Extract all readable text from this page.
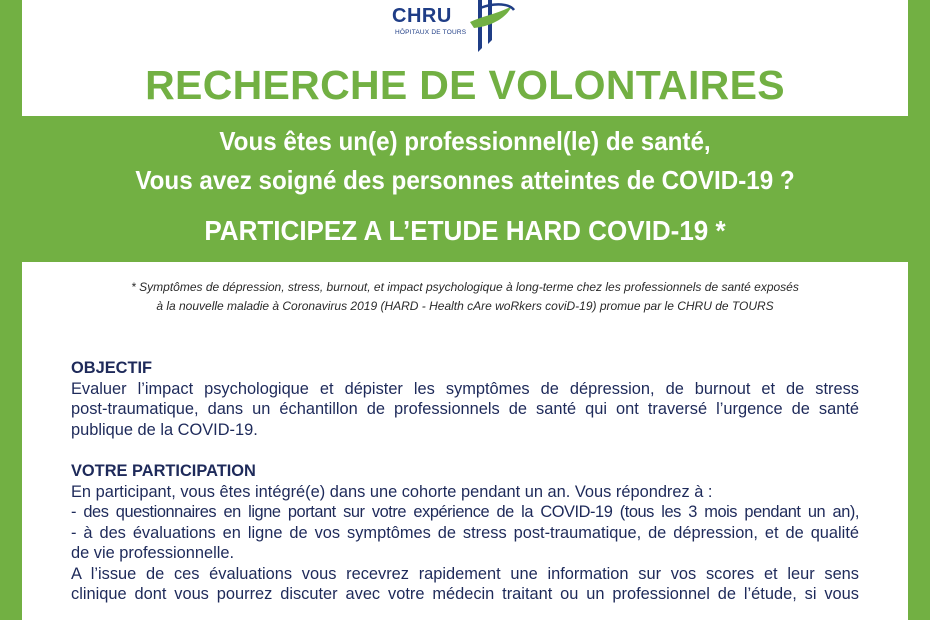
CHRU
HÔPITAUX DE TOURS
RECHERCHE DE VOLONTAIRES
Vous êtes un(e) professionnel(le) de santé,
Vous avez soigné des personnes atteintes de COVID-19 ?
PARTICIPEZ A L’ETUDE HARD COVID-19 *
* Symptômes de dépression, stress, burnout, et impact psychologique à long-terme chez les professionnels de santé exposés
à la nouvelle maladie à Coronavirus 2019 (HARD - Health cAre woRkers coviD-19) promue par le CHRU de TOURS
OBJECTIF
Evaluer l’impact psychologique et dépister les symptômes de dépression, de burnout et de stress
post-traumatique, dans un échantillon de professionnels de santé qui ont traversé l’urgence de santé
publique de la COVID-19.
VOTRE PARTICIPATION
En participant, vous êtes intégré(e) dans une cohorte pendant un an. Vous répondrez à :
- des questionnaires en ligne portant sur votre expérience de la COVID-19 (tous les 3 mois pendant un an),
- à des évaluations en ligne de vos symptômes de stress post-traumatique, de dépression, et de qualité
de vie professionnelle.
A l’issue de ces évaluations vous recevrez rapidement une information sur vos scores et leur sens
clinique dont vous pourrez discuter avec votre médecin traitant ou un professionnel de l’étude, si vous
